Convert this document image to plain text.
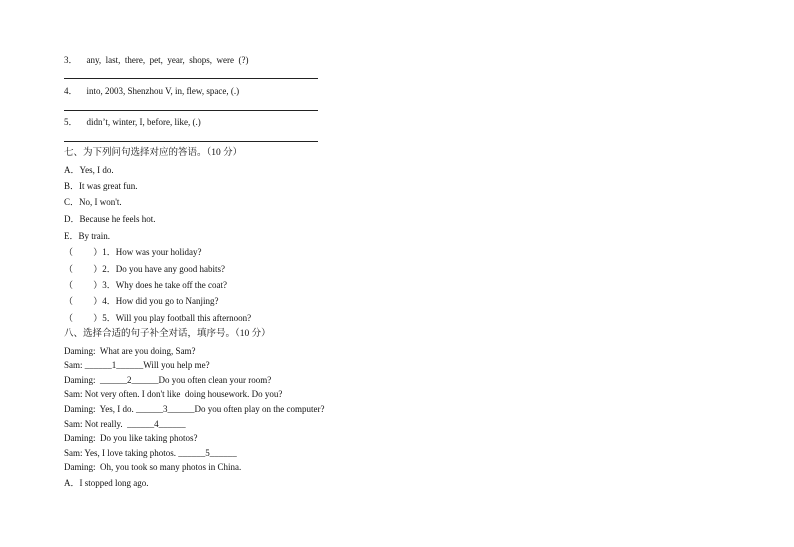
3． any,  last,  there,  pet,  year,  shops,  were  (?)
4． into, 2003, Shenzhou V, in, flew, space, (.)
5． didn’t, winter, I, before, like, (.)
七、为下列问句选择对应的答语。（10 分）
A．Yes, I do.
B．It was great fun.
C．No, I won't.
D．Because he feels hot.
E．By train.
（         ）1．How was your holiday?
（         ）2．Do you have any good habits?
（         ）3．Why does he take off the coat?
（         ）4．How did you go to Nanjing?
（         ）5．Will you play football this afternoon?
八、选择合适的句子补全对话，填序号。（10 分）
Daming:  What are you doing, Sam?
Sam: ______1______Will you help me?
Daming:  ______2______Do you often clean your room?
Sam: Not very often. I don't like  doing housework. Do you?
Daming:  Yes, I do. ______3______Do you often play on the computer?
Sam: Not really.  ______4______
Daming:  Do you like taking photos?
Sam: Yes, I love taking photos. ______5______
Daming:  Oh, you took so many photos in China.
A．I stopped long ago.
